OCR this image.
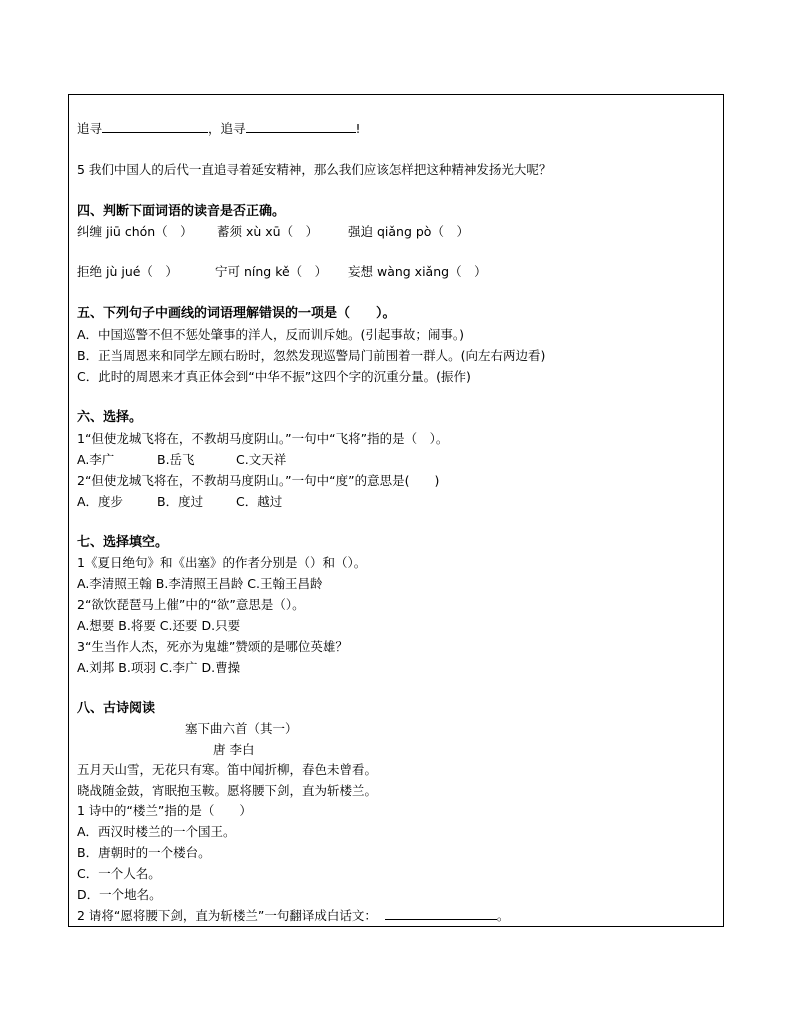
追寻	，追寻	!
5 我们中国人的后代一直追寻着延安精神，那么我们应该怎样把这种精神发扬光大呢？
四、判断下面词语的读音是否正确。
纠缠 jiū chón（　） 蓄须 xù xū（　） 强迫 qiǎng pò（　）
拒绝 jù jué（　）	宁可 níng kě（　） 妄想 wàng xiǎng（　）
五、下列句子中画线的词语理解错误的一项是（　　）。
A．中国巡警不但不惩处肇事的洋人，反而训斥她。(引起事故；闹事。)
B．正当周恩来和同学左顾右盼时，忽然发现巡警局门前围着一群人。(向左右两边看)
C．此时的周恩来才真正体会到“中华不振”这四个字的沉重分量。(振作)
六、选择。
1“但使龙城飞将在，不教胡马度阴山。”一句中“飞将”指的是（　）。
A.李广	B.岳飞	C.文天祥
2“但使龙城飞将在，不教胡马度阴山。”一句中“度”的意思是(　　)
A．度步	B．度过	C．越过
七、选择填空。
1《夏日绝句》和《出塞》的作者分别是（）和（）。
A.李清照王翰 B.李清照王昌龄 C.王翰王昌龄
2“欲饮琵琶马上催”中的“欲”意思是（）。
A.想要 B.将要 C.还要 D.只要
3“生当作人杰，死亦为鬼雄”赞颂的是哪位英雄？
A.刘邦 B.项羽 C.李广 D.曹操
八、古诗阅读
塞下曲六首（其一）
唐 李白
五月天山雪，无花只有寒。笛中闻折柳，春色未曾看。
晓战随金鼓，宵眠抱玉鞍。愿将腰下剑，直为斩楼兰。
1 诗中的“楼兰”指的是（　　）
A．西汉时楼兰的一个国王。
B．唐朝时的一个楼台。
C．一个人名。
D．一个地名。
2 请将“愿将腰下剑，直为斩楼兰”一句翻译成白话文：	。
